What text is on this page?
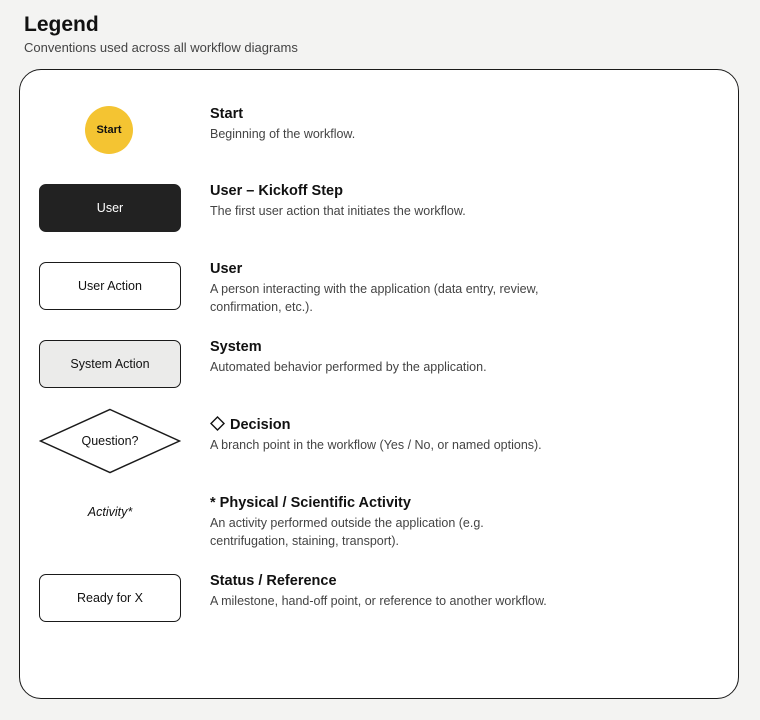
Legend
Conventions used across all workflow diagrams
Start
Start
Beginning of the workflow.
User
User – Kickoff Step
The first user action that initiates the workflow.
User Action
User
A person interacting with the application (data entry, review, confirmation, etc.).
System Action
System
Automated behavior performed by the application.
Question?
Decision
A branch point in the workflow (Yes / No, or named options).
Activity*
* Physical / Scientific Activity
An activity performed outside the application (e.g. centrifugation, staining, transport).
Ready for X
Status / Reference
A milestone, hand-off point, or reference to another workflow.
